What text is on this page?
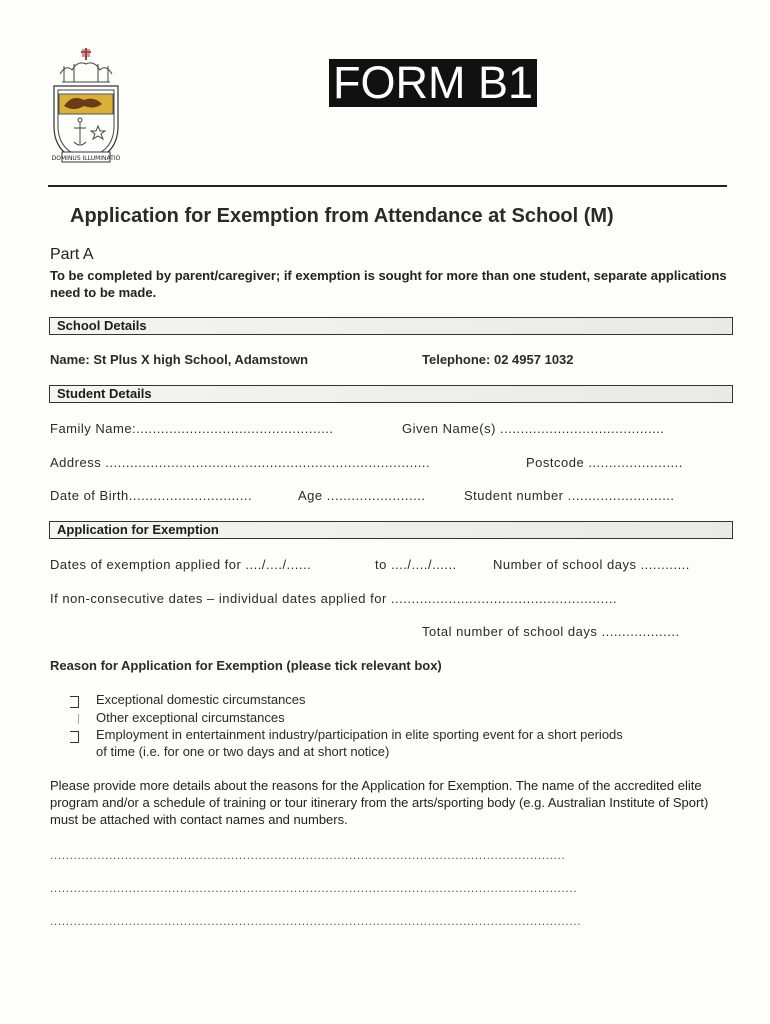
DOMINUS ILLUMINATIO
FORM B1
Application for Exemption from Attendance at School (M)
Part A
To be completed by parent/caregiver; if exemption is sought for more than one student, separate applications need to be made.
School Details
Name: St Plus X high School, Adamstown	Telephone: 02 4957 1032
Student Details
Family Name:................................................	Given Name(s) ........................................
Address ...............................................................................	Postcode .......................
Date of Birth..............................	Age ........................	Student number ..........................
Application for Exemption
Dates of exemption applied for ..../..../......	to ..../..../......	Number of school days ............
If non-consecutive dates – individual dates applied for .......................................................
Total number of school days ...................
Reason for Application for Exemption (please tick relevant box)
Exceptional domestic circumstances
Other exceptional circumstances
Employment in entertainment industry/participation in elite sporting event for a short periods
of time (i.e. for one or two days and at short notice)
Please provide more details about the reasons for the Application for Exemption. The name of the accredited elite program and/or a schedule of training or tour itinerary from the arts/sporting body (e.g. Australian Institute of Sport) must be attached with contact names and numbers.
...................................................................................................................................
......................................................................................................................................
.......................................................................................................................................
